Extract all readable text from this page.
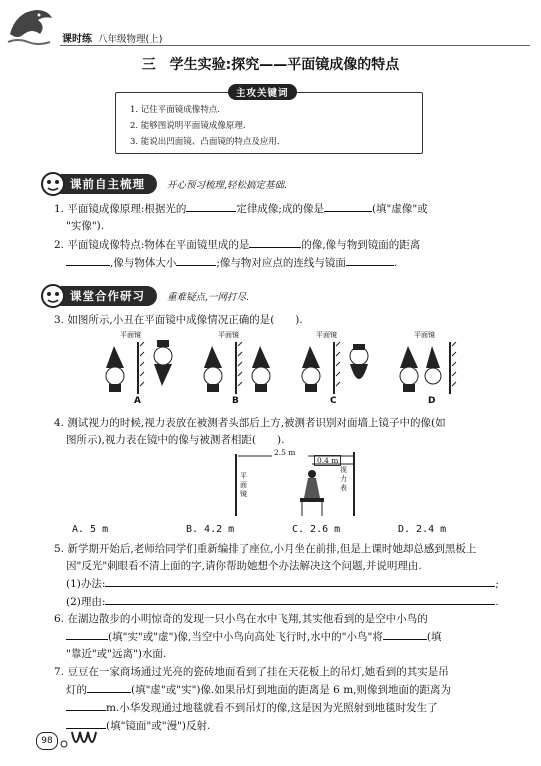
课时练 八年级物理(上)
三　学生实验:探究——平面镜成像的特点
主攻关键词
1. 记住平面镜成像特点.
2. 能够图说明平面镜成像原理.
3. 能说出凹面镜、凸面镜的特点及应用.
课前自主梳理	开心预习梳理,轻松搞定基础.
1. 平面镜成像原理:根据光的	定律成像;成的像是	(填"虚像"或
"实像").
2. 平面镜成像特点:物体在平面镜里成的是	的像,像与物到镜面的距离
,像与物体大小	;像与物对应点的连线与镜面	.
课堂合作研习	重难疑点,一网打尽.
3. 如图所示,小丑在平面镜中成像情况正确的是(　　).
平面镜
A
平面镜
B
平面镜
C
平面镜
D
4. 测试视力的时候,视力表放在被测者头部后上方,被测者识别对面墙上镜子中的像(如
图所示),视力表在镜中的像与被测者相距(　　).
2.5 m
0.4 m
平面镜
视力表
A. 5 m	B. 4.2 m	C. 2.6 m	D. 2.4 m
5. 新学期开始后,老师给同学们重新编排了座位,小月坐在前排,但是上课时她却总感到黑板上
因"反光"刺眼看不清上面的字,请你帮助她想个办法解决这个问题,并说明理由.
(1)办法:	;
(2)理由:	.
6. 在湖边散步的小明惊奇的发现一只小鸟在水中飞翔,其实他看到的是空中小鸟的
(填"实"或"虚")像,当空中小鸟向高处飞行时,水中的"小鸟"将	(填
"靠近"或"远离")水面.
7. 豆豆在一家商场通过光亮的瓷砖地面看到了挂在天花板上的吊灯,她看到的其实是吊
灯的	(填"虚"或"实")像.如果吊灯到地面的距离是 6 m,则像到地面的距离为
m.小华发现通过地毯就看不到吊灯的像,这是因为光照射到地毯时发生了
(填"镜面"或"漫")反射.
98
